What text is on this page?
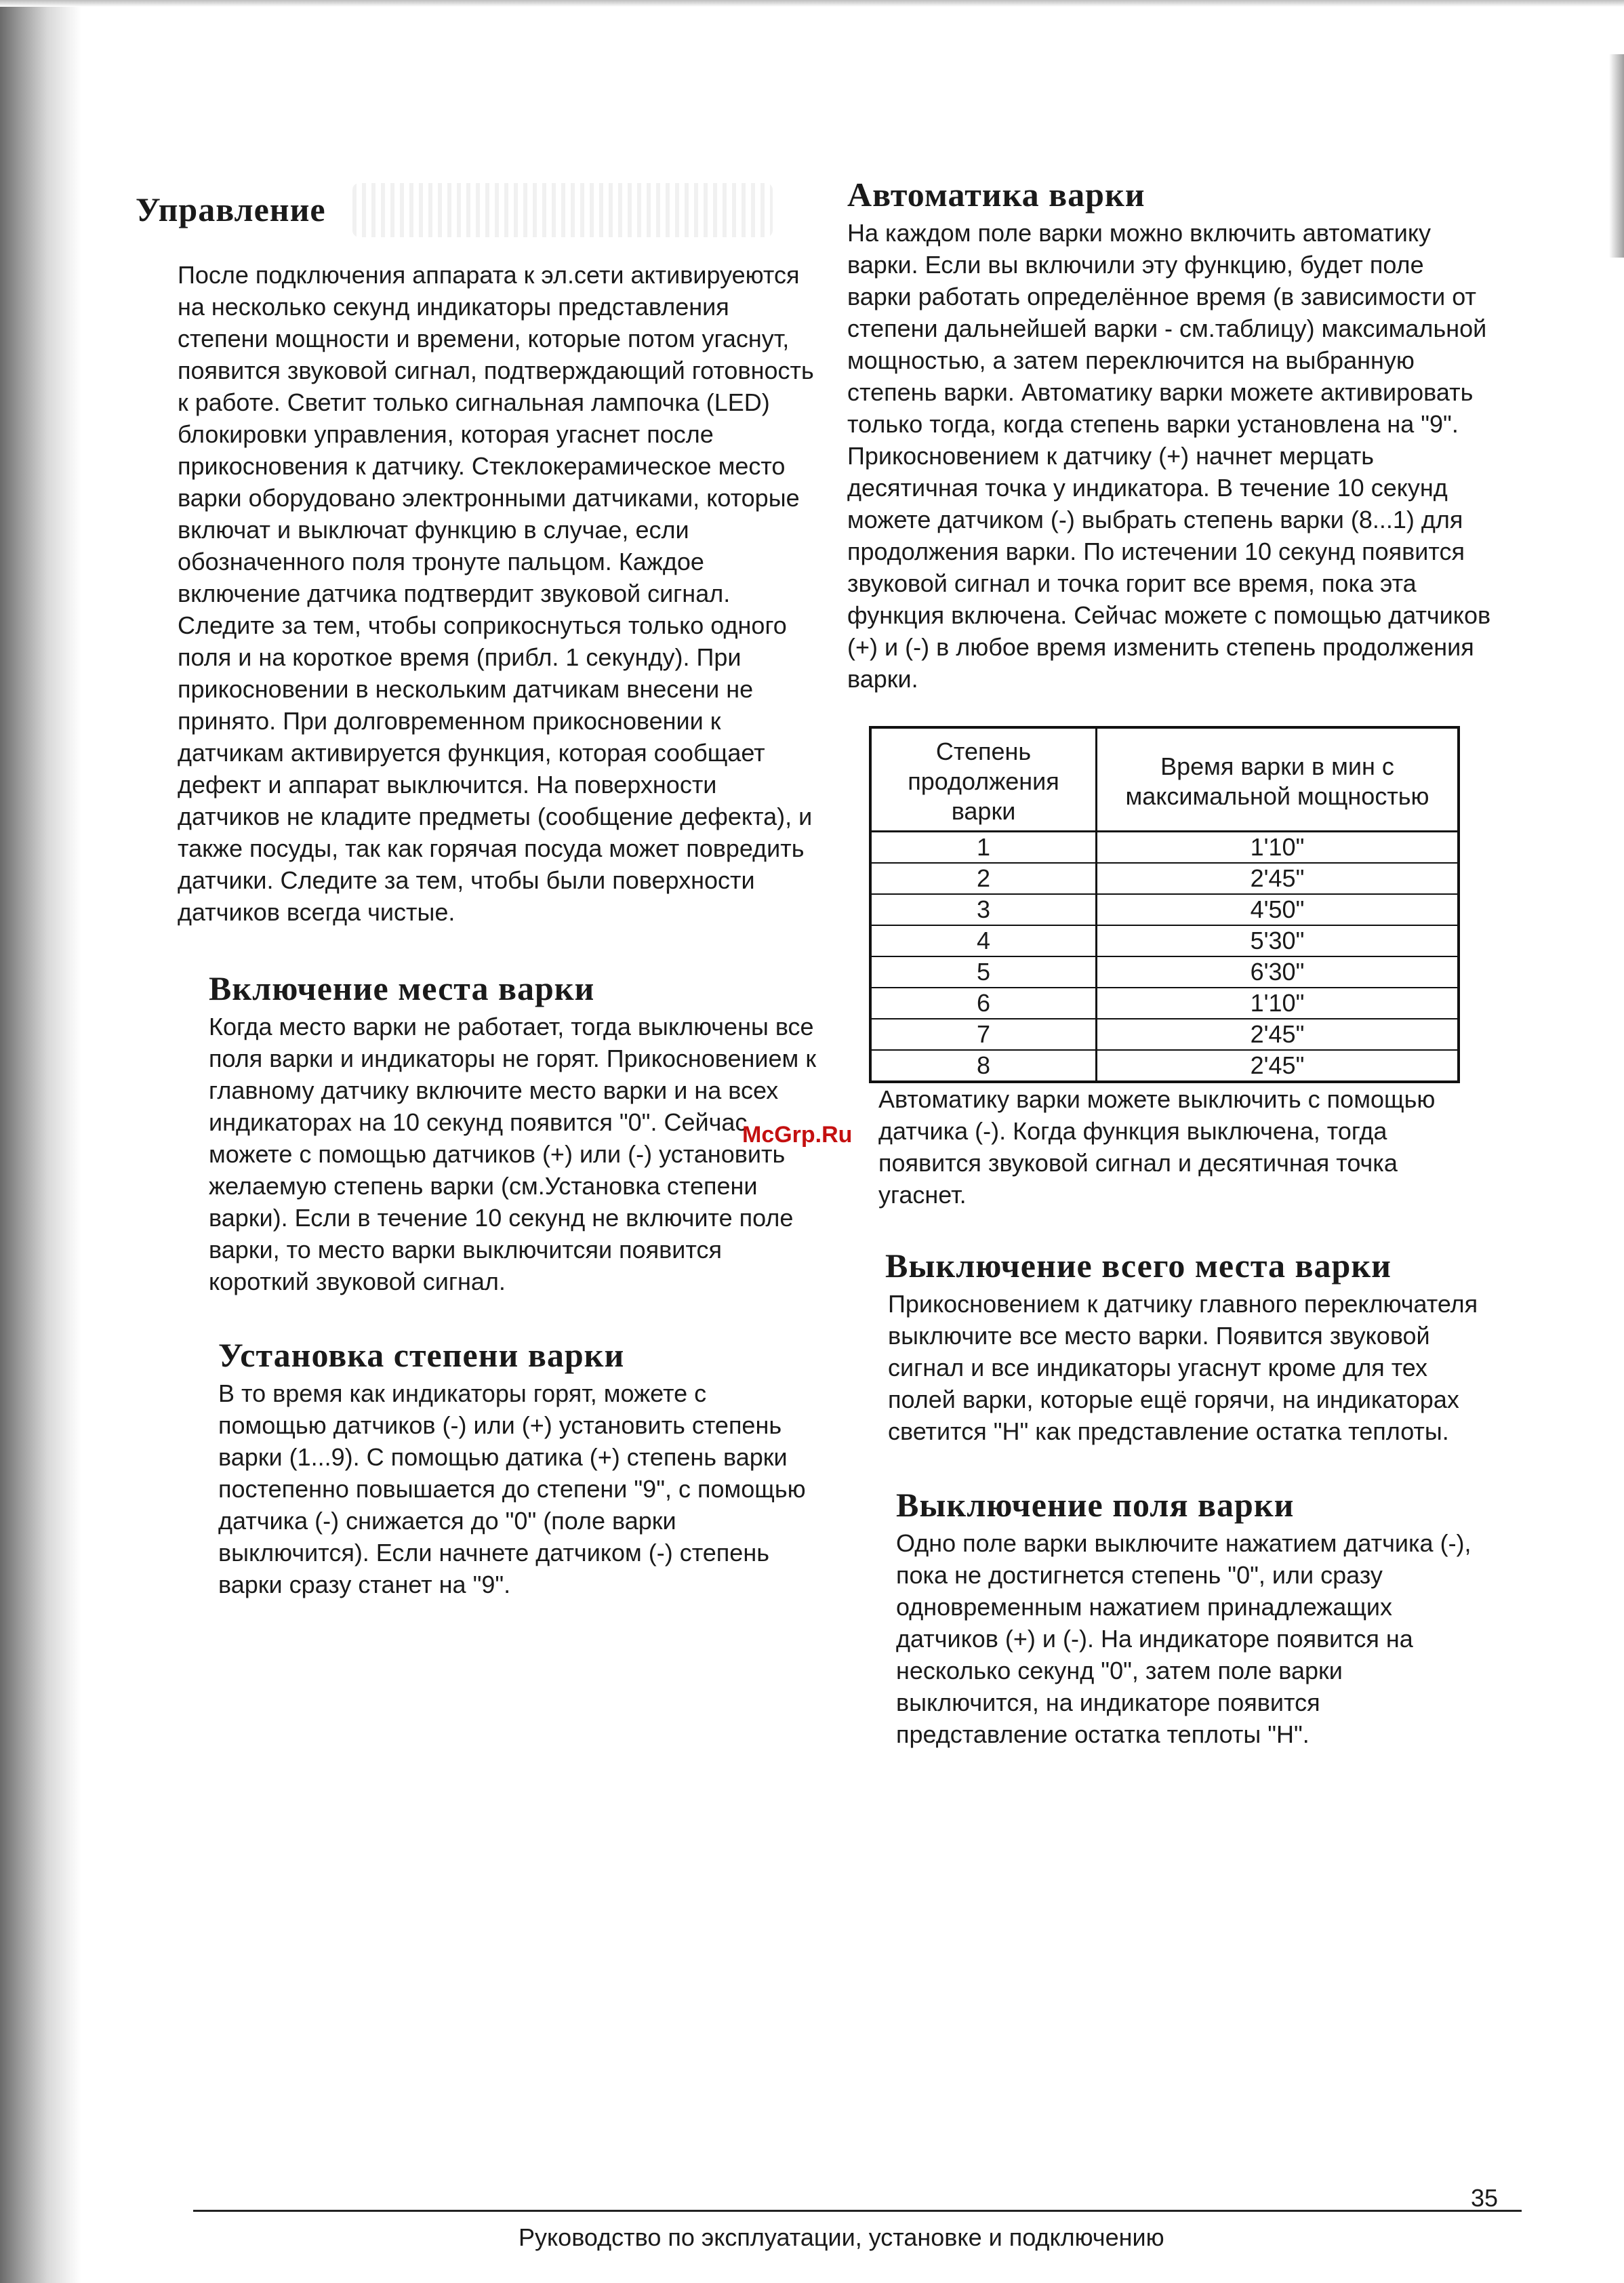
Управление

После подключения аппарата к эл.сети активируеются на несколько секунд индикаторы представления степени мощности и времени, которые потом угаснут, появится звуковой сигнал, подтверждающий готовность к работе. Светит только сигнальная лампочка (LED) блокировки управления, которая угаснет после прикосновения к датчику. Стеклокерамическое место варки оборудовано электронными датчиками, которые включат и выключат функцию в случае, если обозначенного поля тронуте пальцом. Каждое включение датчика подтвердит звуковой сигнал. Следите за тем, чтобы соприкоснуться только одного поля и на короткое время (прибл. 1 секунду). При прикосновении в нескольким датчикам внесени не принято. При долговременном прикосновении к датчикам активируется функция, которая сообщает дефект и аппарат выключится. На поверхности датчиков не кладите предметы (сообщение дефекта), и также посуды, так как горячая посуда может повредить датчики. Следите за тем, чтобы были поверхности датчиков всегда чистые.

Включение места варки

Когда место варки не работает, тогда выключены все поля варки и индикаторы не горят. Прикосновением к главному датчику включите место варки и на всех индикаторах на 10 секунд появится "0". Сейчас можете с помощью датчиков (+) или (-) установить желаемую степень варки (см.Установка степени варки). Если в течение 10 секунд не включите поле варки, то место варки выключитсяи появится короткий звуковой сигнал.

Установка степени варки

В то время как индикаторы горят, можете с помощью датчиков (-) или (+) установить степень варки (1...9). С помощью датика (+) степень варки постепенно повышается до степени "9", с помощью датчика (-) снижается до "0" (поле варки выключится). Если начнете датчиком (-) степень варки сразу станет на "9".

Автоматика варки

На каждом поле варки можно включить автоматику варки. Если вы включили эту функцию, будет поле варки работать определённое время (в зависимости от степени дальнейшей варки - см.таблицу) максимальной мощностью, а затем переключится на выбранную степень варки. Автоматику варки можете активировать только тогда, когда степень варки установлена на "9". Прикосновением к датчику (+) начнет мерцать десятичная точка у индикатора. В течение 10 секунд можете датчиком (-) выбрать степень варки (8...1) для продолжения варки. По истечении 10 секунд появится звуковой сигнал и точка горит все время, пока эта функция включена. Сейчас можете с помощью датчиков (+) и (-) в любое время изменить степень продолжения варки.

Степень продолжения варки	Время варки в мин с максимальной мощностью
1	1'10"
2	2'45"
3	4'50"
4	5'30"
5	6'30"
6	1'10"
7	2'45"
8	2'45"

Автоматику варки можете выключить с помощью датчика (-). Когда функция выключена, тогда появится звуковой сигнал и десятичная точка угаснет.

Выключение всего места варки

Прикосновением к датчику главного переключателя выключите все место варки. Появится звуковой сигнал и все индикаторы угаснут кроме для тех полей варки, которые ещё горячи, на индикаторах светится "H" как представление остатка теплоты.

Выключение поля варки

Одно поле варки выключите нажатием датчика (-), пока не достигнется степень "0", или сразу одновременным нажатием принадлежащих датчиков (+) и (-). На индикаторе появится на несколько секунд "0", затем поле варки выключится, на индикаторе появится представление остатка теплоты "H".

McGrp.Ru
Руководство по эксплуатации, установке и подключению
35
